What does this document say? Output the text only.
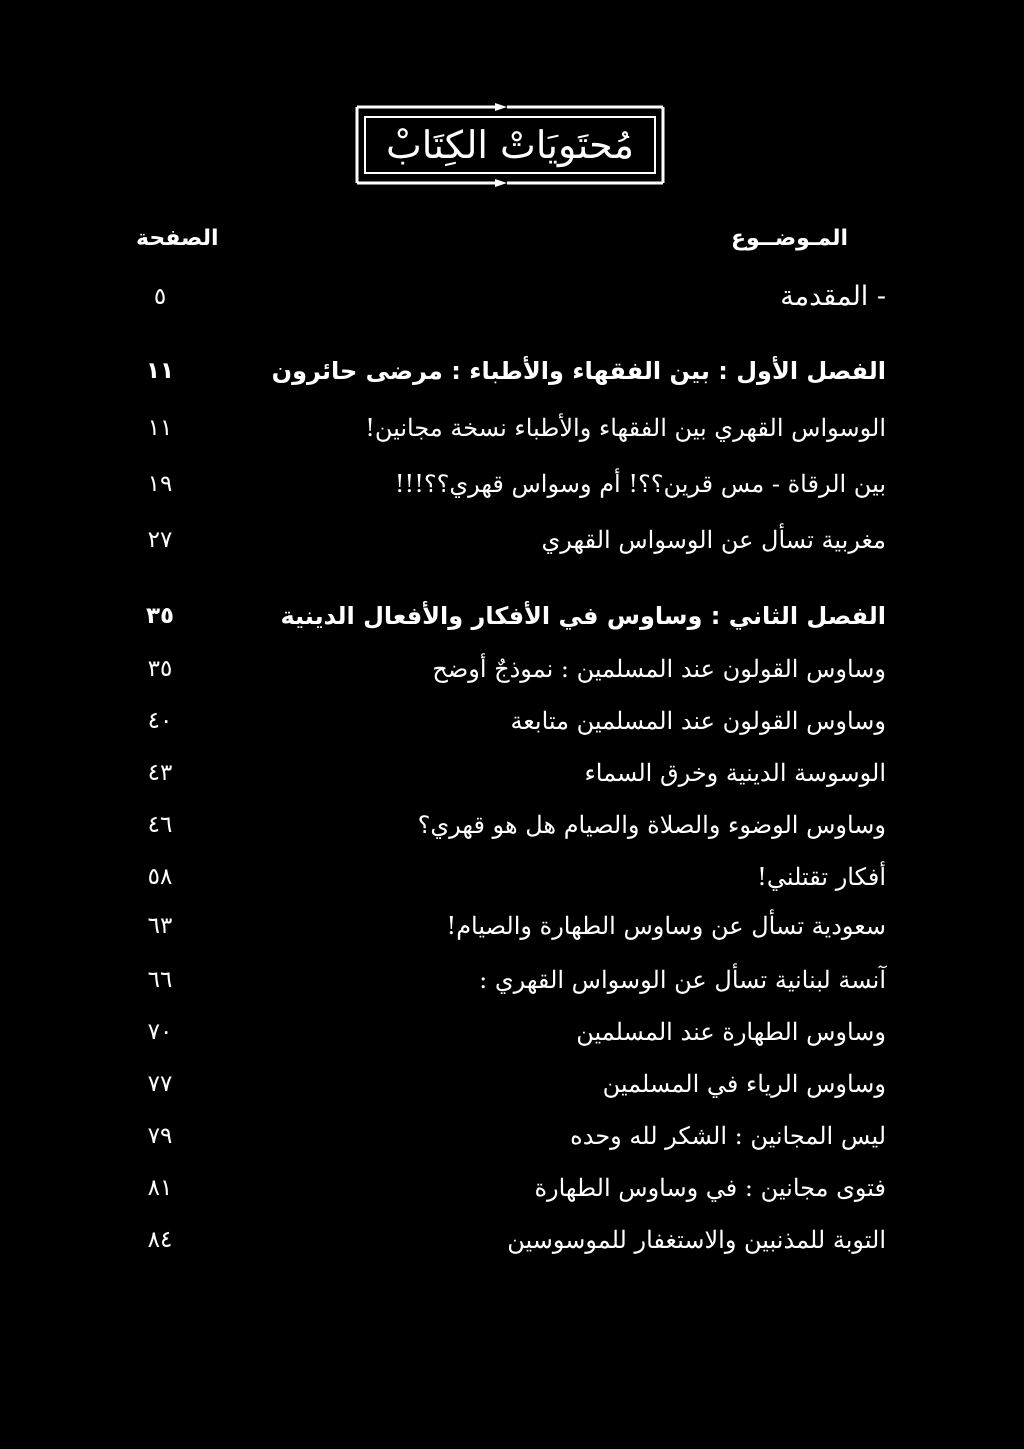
مُحتَويَاتْ الكِتَابْ
المـوضــوع
الصفحة
- المقدمة
٥
الفصل الأول : بين الفقهاء والأطباء : مرضى حائرون
١١
الوسواس القهري بين الفقهاء والأطباء نسخة مجانين!
١١
بين الرقاة - مس قرين؟؟! أم وسواس قهري؟؟!!!
١٩
مغربية تسأل عن الوسواس القهري
٢٧
الفصل الثاني : وساوس في الأفكار والأفعال الدينية
٣٥
وساوس القولون عند المسلمين : نموذجٌ أوضح
٣٥
وساوس القولون عند المسلمين متابعة
٤٠
الوسوسة الدينية وخرق السماء
٤٣
وساوس الوضوء والصلاة والصيام هل هو قهري؟
٤٦
أفكار تقتلني!
٥٨
سعودية تسأل عن وساوس الطهارة والصيام!
٦٣
آنسة لبنانية تسأل عن الوسواس القهري :
٦٦
وساوس الطهارة عند المسلمين
٧٠
وساوس الرياء في المسلمين
٧٧
ليس المجانين : الشكر لله وحده
٧٩
فتوى مجانين : في وساوس الطهارة
٨١
التوبة للمذنبين والاستغفار للموسوسين
٨٤
